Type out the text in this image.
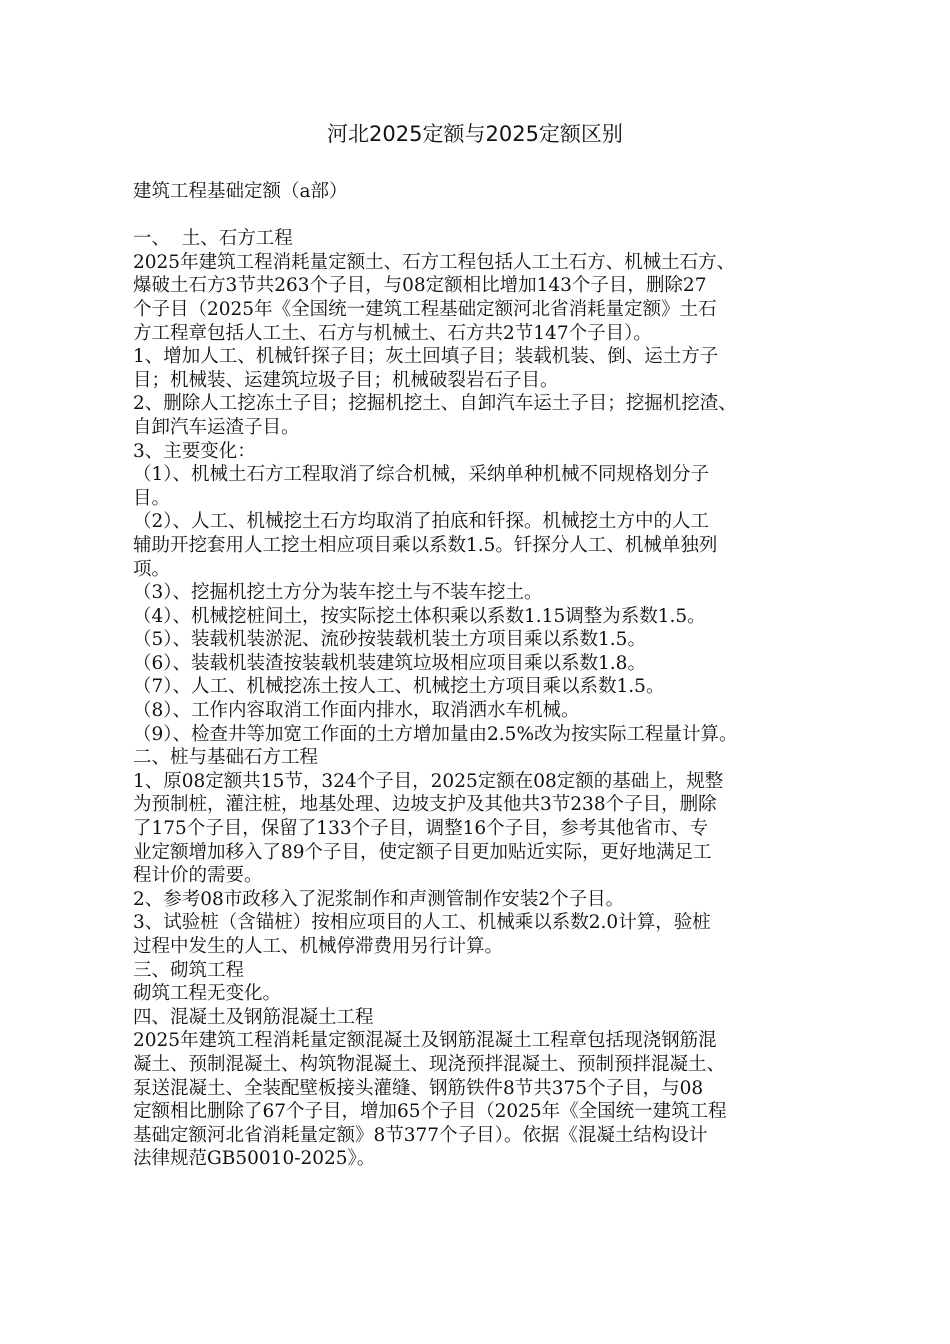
河北2025定额与2025定额区别

建筑工程基础定额（a部）

一、  土、石方工程

2025年建筑工程消耗量定额土、石方工程包括人工土石方、机械土石方、

爆破土石方3节共263个子目，与08定额相比增加143个子目，删除27

个子目（2025年《全国统一建筑工程基础定额河北省消耗量定额》土石

方工程章包括人工土、石方与机械土、石方共2节147个子目）。

1、增加人工、机械钎探子目；灰土回填子目；装载机装、倒、运土方子

目；机械装、运建筑垃圾子目；机械破裂岩石子目。

2、删除人工挖冻土子目；挖掘机挖土、自卸汽车运土子目；挖掘机挖渣、

自卸汽车运渣子目。

3、主要变化：

（1）、机械土石方工程取消了综合机械，采纳单种机械不同规格划分子

目。

（2）、人工、机械挖土石方均取消了拍底和钎探。机械挖土方中的人工

辅助开挖套用人工挖土相应项目乘以系数1.5。钎探分人工、机械单独列

项。

（3）、挖掘机挖土方分为装车挖土与不装车挖土。

（4）、机械挖桩间土，按实际挖土体积乘以系数1.15调整为系数1.5。

（5）、装载机装淤泥、流砂按装载机装土方项目乘以系数1.5。

（6）、装载机装渣按装载机装建筑垃圾相应项目乘以系数1.8。

（7）、人工、机械挖冻土按人工、机械挖土方项目乘以系数1.5。

（8）、工作内容取消工作面内排水，取消洒水车机械。

（9）、检查井等加宽工作面的土方增加量由2.5%改为按实际工程量计算。

二、桩与基础石方工程

1、原08定额共15节，324个子目，2025定额在08定额的基础上，规整

为预制桩，灌注桩，地基处理、边坡支护及其他共3节238个子目，删除

了175个子目，保留了133个子目，调整16个子目，参考其他省市、专

业定额增加移入了89个子目，使定额子目更加贴近实际，更好地满足工

程计价的需要。

2、参考08市政移入了泥浆制作和声测管制作安装2个子目。

3、试验桩（含锚桩）按相应项目的人工、机械乘以系数2.0计算，验桩

过程中发生的人工、机械停滞费用另行计算。

三、砌筑工程

砌筑工程无变化。

四、混凝土及钢筋混凝土工程

2025年建筑工程消耗量定额混凝土及钢筋混凝土工程章包括现浇钢筋混

凝土、预制混凝土、构筑物混凝土、现浇预拌混凝土、预制预拌混凝土、

泵送混凝土、全装配壁板接头灌缝、钢筋铁件8节共375个子目，与08

定额相比删除了67个子目，增加65个子目（2025年《全国统一建筑工程

基础定额河北省消耗量定额》8节377个子目）。依据《混凝土结构设计

法律规范GB50010-2025》。
